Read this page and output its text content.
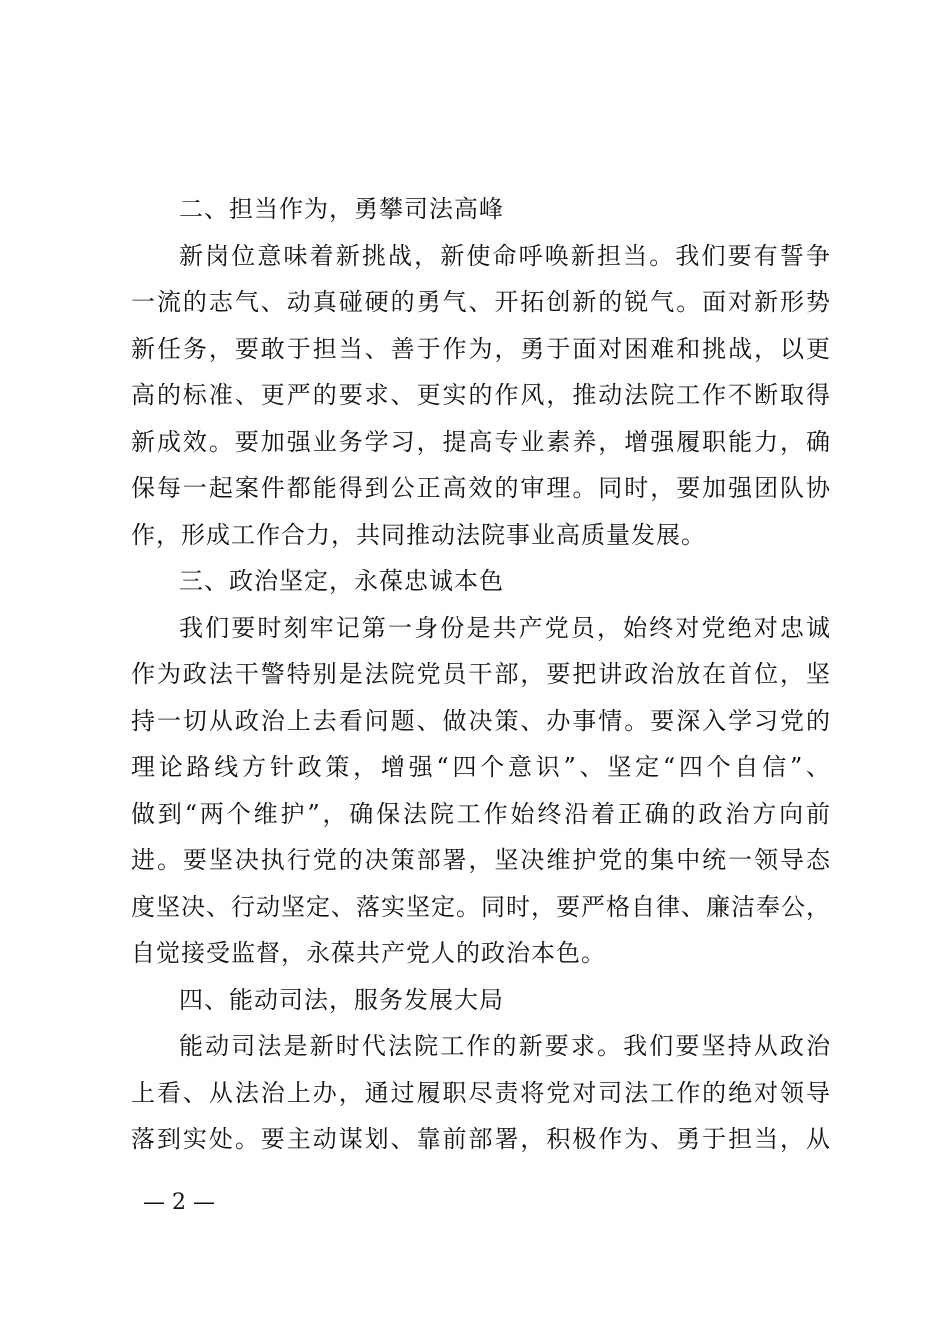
二、担当作为，勇攀司法高峰

新岗位意味着新挑战，新使命呼唤新担当。我们要有誓争
一流的志气、动真碰硬的勇气、开拓创新的锐气。面对新形势
新任务，要敢于担当、善于作为，勇于面对困难和挑战，以更
高的标准、更严的要求、更实的作风，推动法院工作不断取得
新成效。要加强业务学习，提高专业素养，增强履职能力，确
保每一起案件都能得到公正高效的审理。同时，要加强团队协
作，形成工作合力，共同推动法院事业高质量发展。

三、政治坚定，永葆忠诚本色

我们要时刻牢记第一身份是共产党员，始终对党绝对忠诚
作为政法干警特别是法院党员干部，要把讲政治放在首位，坚
持一切从政治上去看问题、做决策、办事情。要深入学习党的
理论路线方针政策，增强“四个意识”、坚定“四个自信”、
做到“两个维护”，确保法院工作始终沿着正确的政治方向前
进。要坚决执行党的决策部署，坚决维护党的集中统一领导态
度坚决、行动坚定、落实坚定。同时，要严格自律、廉洁奉公，
自觉接受监督，永葆共产党人的政治本色。

四、能动司法，服务发展大局

能动司法是新时代法院工作的新要求。我们要坚持从政治
上看、从法治上办，通过履职尽责将党对司法工作的绝对领导
落到实处。要主动谋划、靠前部署，积极作为、勇于担当，从

— 2 —
